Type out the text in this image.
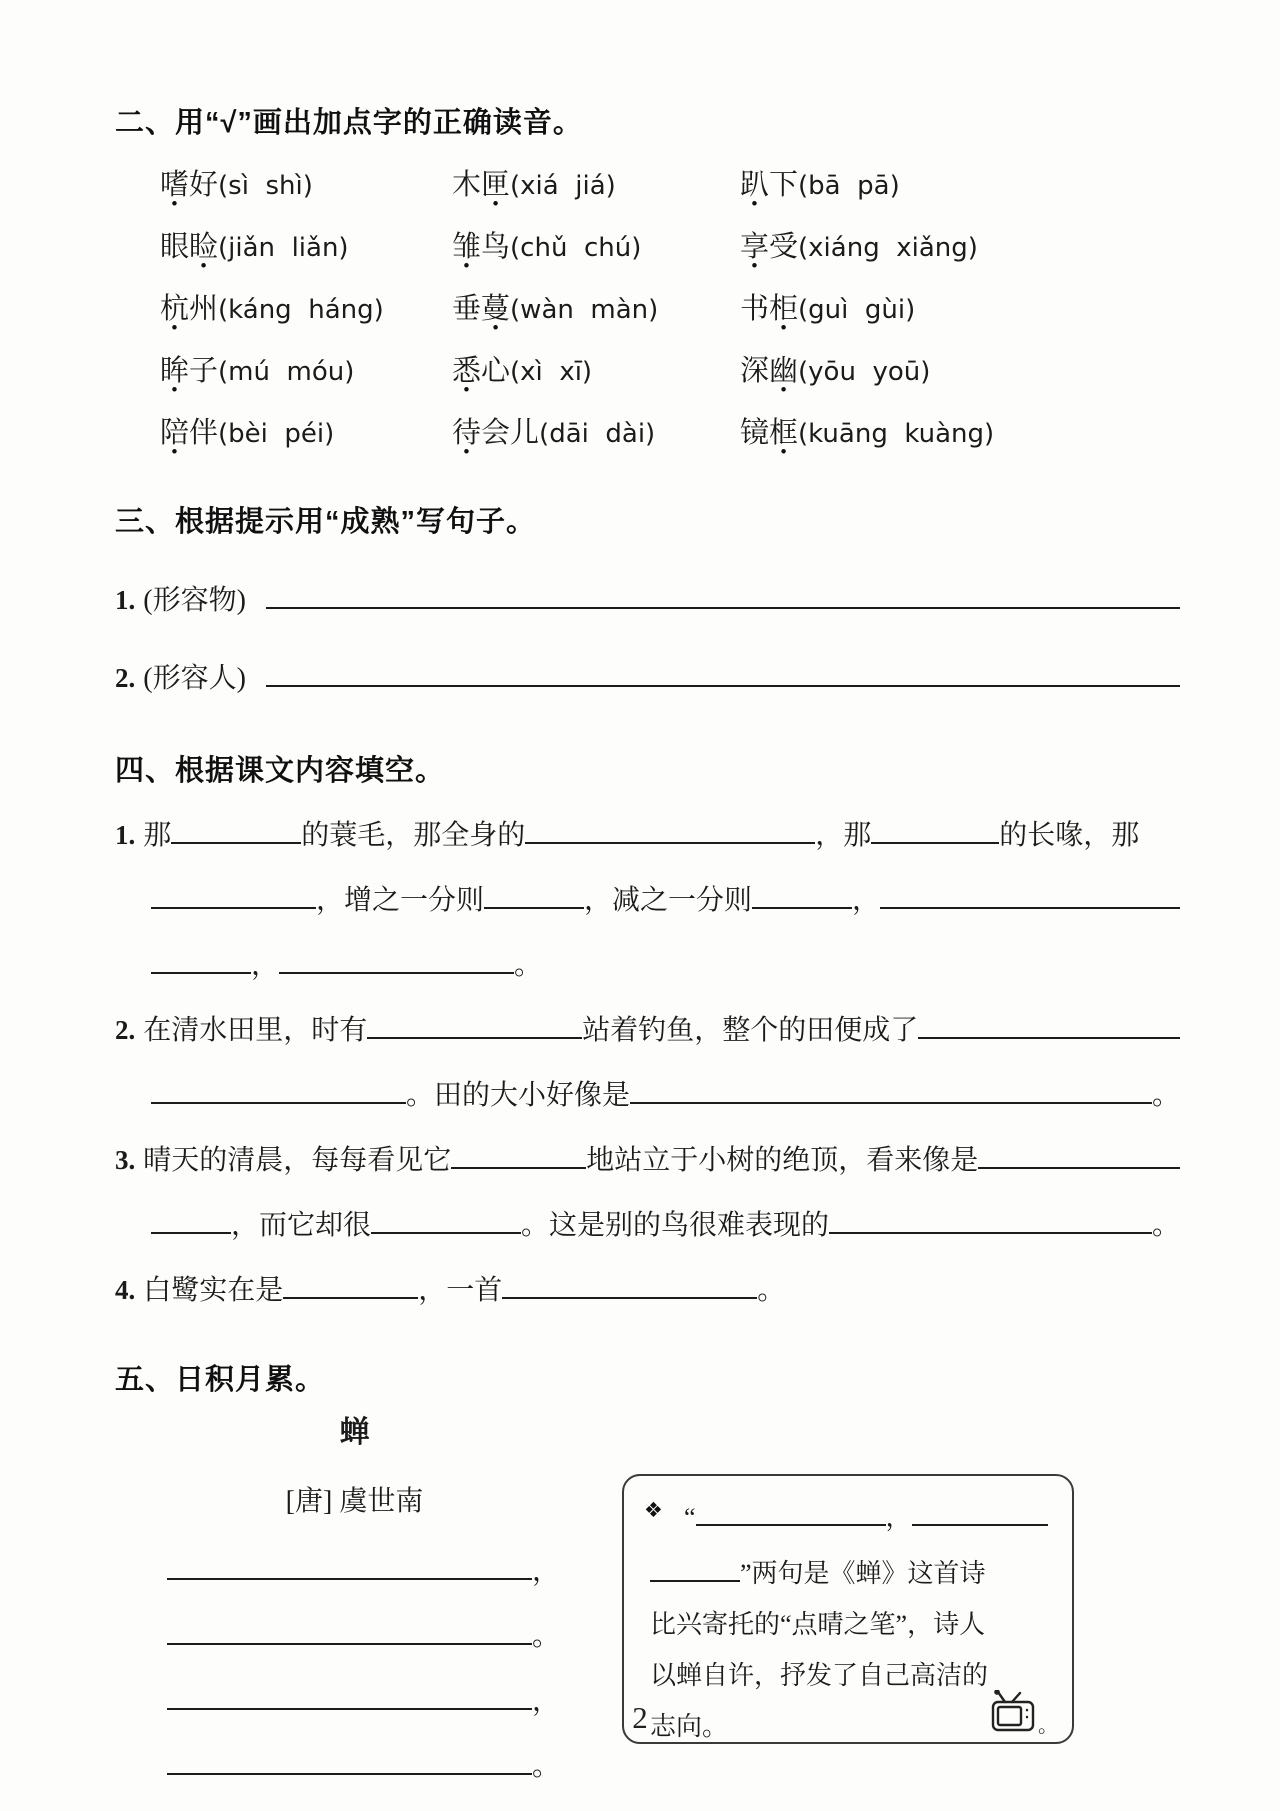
二、用“√”画出加点字的正确读音。
嗜好(sì  shì)	木匣(xiá  jiá)	趴下(bā  pā)
眼睑(jiǎn  liǎn)	雏鸟(chǔ  chú)	享受(xiáng  xiǎng)
杭州(káng  háng)	垂蔓(wàn  màn)	书柜(guì  gùi)
眸子(mú  móu)	悉心(xì  xī)	深幽(yōu  yoū)
陪伴(bèi  péi)	待会儿(dāi  dài)	镜框(kuāng  kuàng)
三、根据提示用“成熟”写句子。
1. (形容物)
2. (形容人)
四、根据课文内容填空。
1. 那	的蓑毛，那全身的	，那	的长喙，那
，增之一分则	，减之一分则	，
，	。
2. 在清水田里，时有	站着钓鱼，整个的田便成了
。田的大小好像是	。
3. 晴天的清晨，每每看见它	地站立于小树的绝顶，看来像是
，而它却很	。这是别的鸟很难表现的	。
4. 白鹭实在是	，一首	。
五、日积月累。
蝉
[唐] 虞世南
，
。
，
。
❖ “	，
”两句是《蝉》这首诗
比兴寄托的“点晴之笔”，诗人
以蝉自许，抒发了自己高洁的
志向。	。
2
